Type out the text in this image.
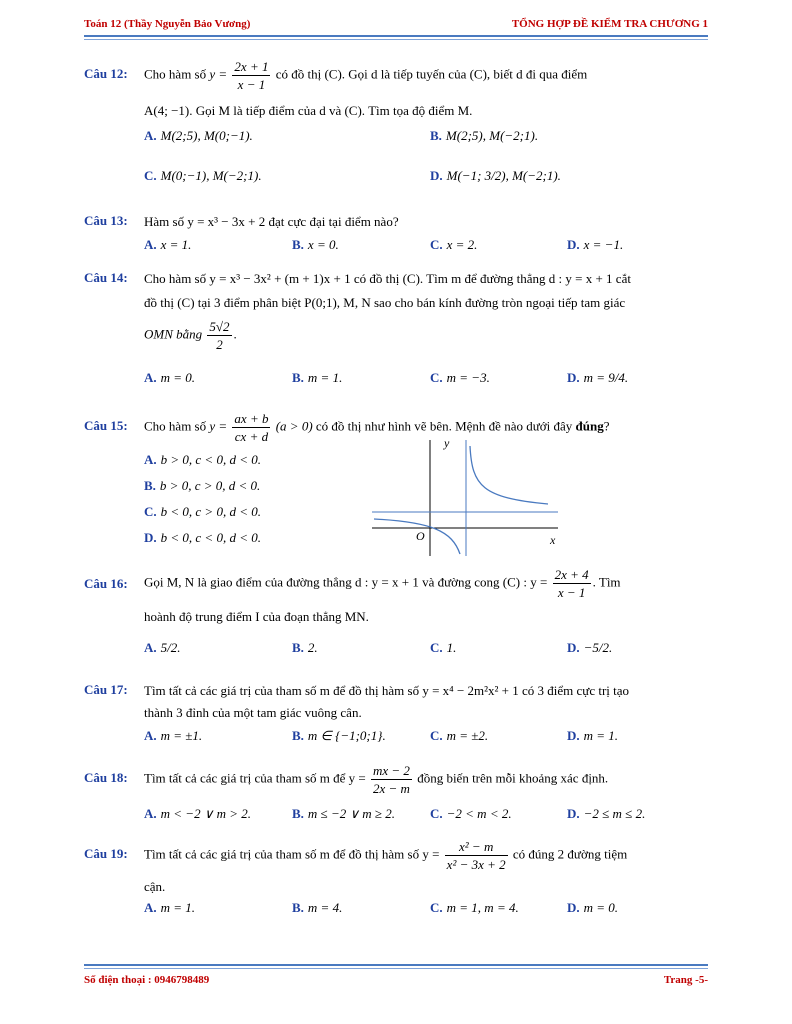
Toán 12 (Thầy Nguyễn Bảo Vương)	TỔNG HỢP ĐỀ KIỂM TRA CHƯƠNG 1
Câu 12: Cho hàm số $y = \frac{2x + 1}{x - 1}$ có đồ thị (C). Gọi d là tiếp tuyến của (C), biết d đi qua điểm
A(4; −1). Gọi M là tiếp điểm của d và (C). Tìm tọa độ điểm M.
A. M(2;5), M(0;−1).	B. M(2;5), M(−2;1).
C. M(0;−1), M(−2;1).	D. M(−1; 3/2), M(−2;1).
Câu 13: Hàm số y = x³ − 3x + 2 đạt cực đại tại điểm nào?
A. x = 1.	B. x = 0.	C. x = 2.	D. x = −1.
Câu 14: Cho hàm số y = x³ − 3x² + (m + 1)x + 1 có đồ thị (C). Tìm m để đường thẳng d : y = x + 1 cắt
đồ thị (C) tại 3 điểm phân biệt P(0;1), M, N sao cho bán kính đường tròn ngoại tiếp tam giác
OMN bằng $\frac{5√2}{2}$ .
A. m = 0.	B. m = 1.	C. m = −3.	D. m = 9/4.
Câu 15: Cho hàm số $y = \frac{ax + b}{cx + d} (a > 0)$ có đồ thị như hình vẽ bên. Mệnh đề nào dưới đây đúng?
A. b > 0, c < 0, d < 0.
B. b > 0, c > 0, d < 0.
C. b < 0, c > 0, d < 0.
D. b < 0, c < 0, d < 0.
y
x
O
Câu 16: Gọi M, N là giao điểm của đường thẳng d : y = x + 1 và đường cong (C) : $y = \frac{2x + 4}{x - 1}$ . Tìm
hoành độ trung điểm I của đoạn thẳng MN.
A. 5/2.	B. 2.	C. 1.	D. −5/2.
Câu 17: Tìm tất cả các giá trị của tham số m để đồ thị hàm số y = x⁴ − 2m²x² + 1 có 3 điểm cực trị tạo
thành 3 đỉnh của một tam giác vuông cân.
A. m = ±1.	B. m ∈ {−1;0;1}.	C. m = ±2.	D. m = 1.
Câu 18: Tìm tất cả các giá trị của tham số m để $y = \frac{mx - 2}{2x - m}$ đồng biến trên mỗi khoảng xác định.
A. m < −2 ∨ m > 2.	B. m ≤ −2 ∨ m ≥ 2.	C. −2 < m < 2.	D. −2 ≤ m ≤ 2.
Câu 19: Tìm tất cả các giá trị của tham số m để đồ thị hàm số $y = \frac{\text{x² − m}}{\text{x² − 3x + 2}}$ có đúng 2 đường tiệm
cận.
A. m = 1.	B. m = 4.	C. m = 1, m = 4.	D. m = 0.
Số điện thoại : 0946798489	Trang -5-
